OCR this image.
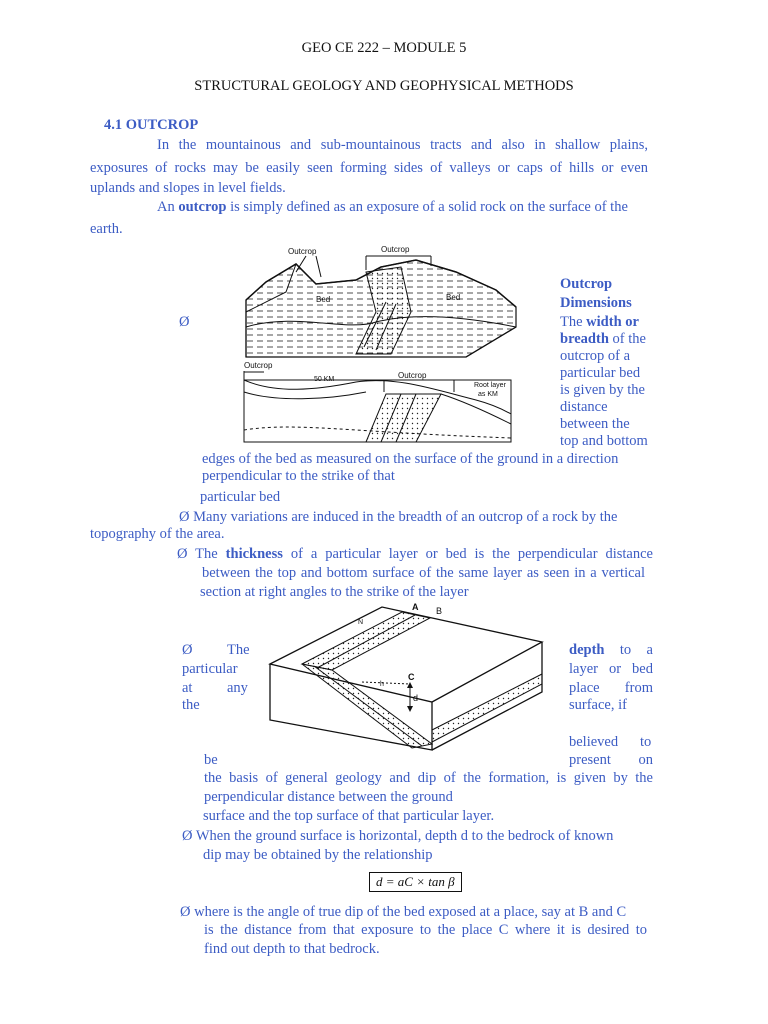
GEO CE 222 – MODULE 5
STRUCTURAL GEOLOGY AND GEOPHYSICAL METHODS
4.1 OUTCROP
In the mountainous and sub-mountainous tracts and also in shallow plains,
exposures of rocks may be easily seen forming sides of valleys or caps of hills or even
uplands and slopes in level fields.
An outcrop is simply defined as an exposure of a solid rock on the surface of the
earth.
Ø
Outcrop	Outcrop
Bed	Bed
Outcrop
Outcrop
50 KM
Root layer
as KM
Outcrop
Dimensions
The width or
breadth of the
outcrop of a
particular bed
is given by the
distance
between the
top and bottom
edges of the bed as measured on the surface of the ground in a direction
perpendicular to the strike of that
particular bed
Ø Many variations are induced in the breadth of an outcrop of a rock by the
topography of the area.
Ø The thickness of a particular layer or bed is the perpendicular distance
between the top and bottom surface of the same layer as seen in a vertical
section at right angles to the strike of the layer
A B
C
d
N
h
Ø The
particular
at any
the
depth to a
layer or bed
place from
surface, if
believed to
be	present on
the basis of general geology and dip of the formation, is given by the
perpendicular distance between the ground
surface and the top surface of that particular layer.
Ø When the ground surface is horizontal, depth d to the bedrock of known
dip may be obtained by the relationship
d = aC × tan β
Ø where is the angle of true dip of the bed exposed at a place, say at B and C
is the distance from that exposure to the place C where it is desired to
find out depth to that bedrock.
